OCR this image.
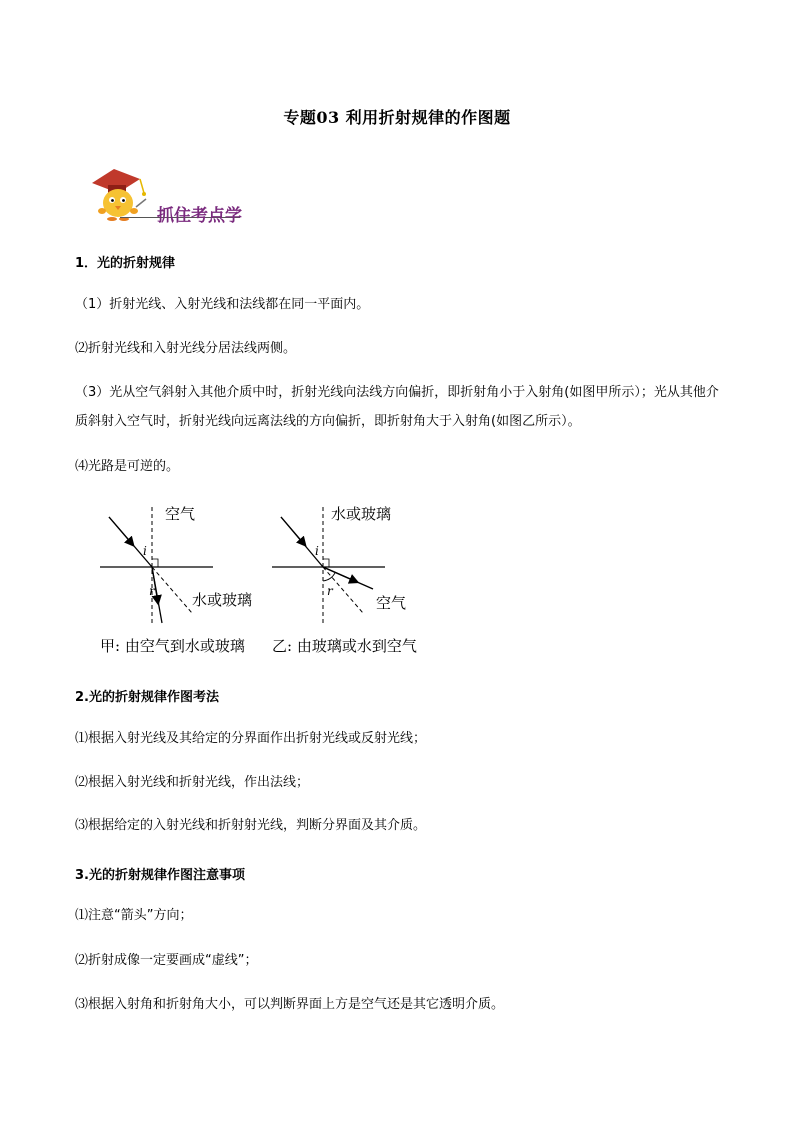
专题03 利用折射规律的作图题
抓住考点学
1．光的折射规律
（1）折射光线、入射光线和法线都在同一平面内。
⑵折射光线和入射光线分居法线两侧。
（3）光从空气斜射入其他介质中时，折射光线向法线方向偏折，即折射角小于入射角(如图甲所示）；光从其他介质斜射入空气时，折射光线向远离法线的方向偏折，即折射角大于入射角(如图乙所示）。
⑷光路是可逆的。
空气
水或玻璃
i
r
甲: 由空气到水或玻璃
水或玻璃
空气
i
r
乙: 由玻璃或水到空气
2.光的折射规律作图考法
⑴根据入射光线及其给定的分界面作出折射光线或反射光线；
⑵根据入射光线和折射光线，作出法线；
⑶根据给定的入射光线和折射射光线，判断分界面及其介质。
3.光的折射规律作图注意事项
⑴注意“箭头”方向；
⑵折射成像一定要画成“虚线”；
⑶根据入射角和折射角大小，可以判断界面上方是空气还是其它透明介质。
